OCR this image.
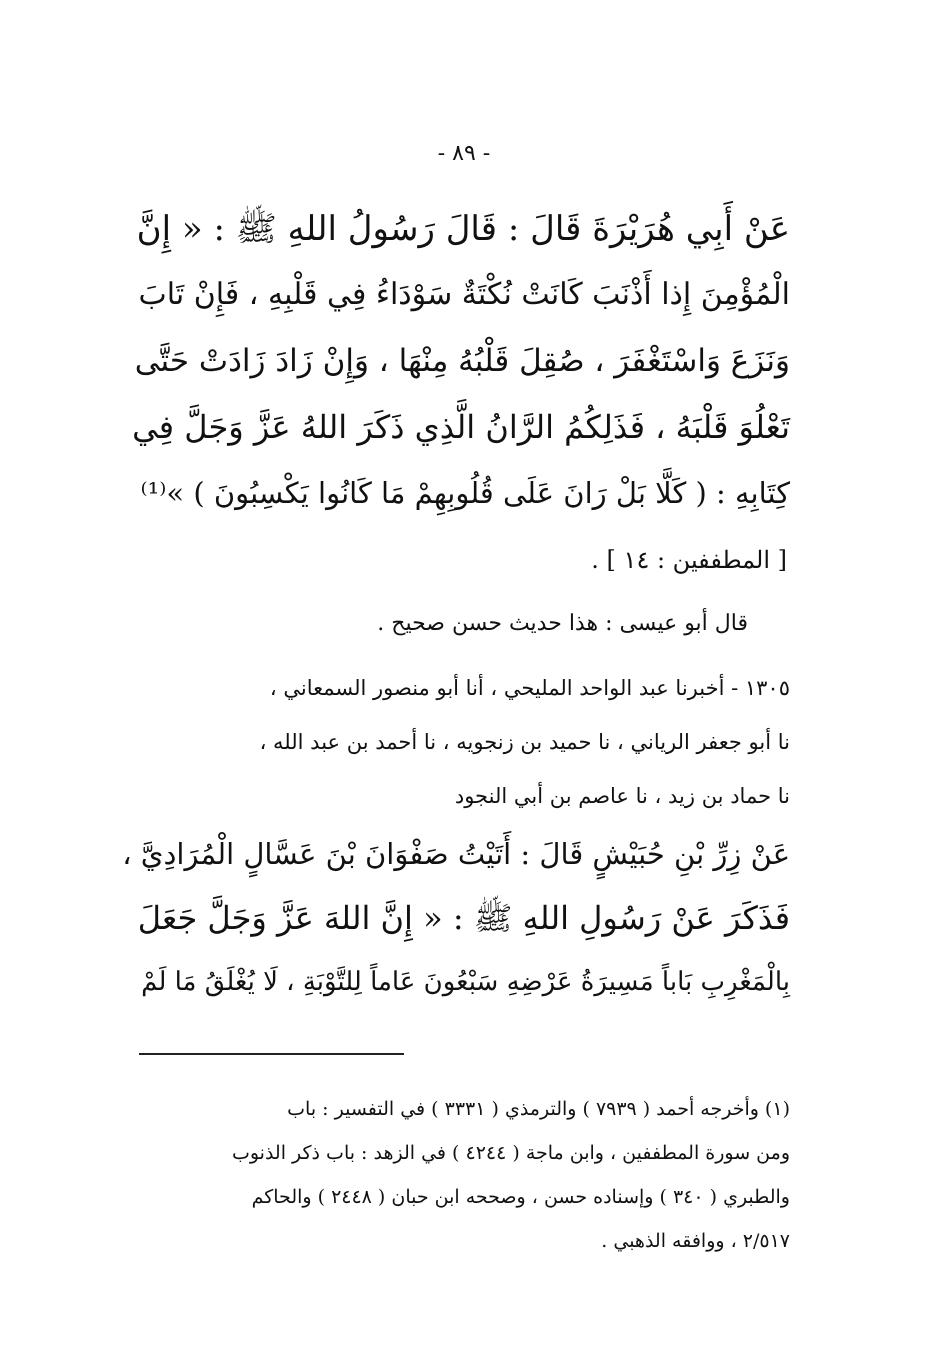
- ٨٩ -
عَنْ أَبِي هُرَيْرَةَ قَالَ : قَالَ رَسُولُ اللهِ ﷺ : « إِنَّ
الْمُؤْمِنَ إِذا أَذْنَبَ كَانَتْ نُكْتَةٌ سَوْدَاءُ فِي قَلْبِهِ ، فَإِنْ تَابَ
وَنَزَعَ وَاسْتَغْفَرَ ، صُقِلَ قَلْبُهُ مِنْهَا ، وَإِنْ زَادَ زَادَتْ حَتَّى
تَعْلُوَ قَلْبَهُ ، فَذَلِكُمُ الرَّانُ الَّذِي ذَكَرَ اللهُ عَزَّ وَجَلَّ فِي
كِتَابِهِ : ( كَلَّا بَلْ رَانَ عَلَى قُلُوبِهِمْ مَا كَانُوا يَكْسِبُونَ ) »⁽¹⁾
[ المطففين : ١٤ ] .
قال أبو عيسى : هذا حديث حسن صحيح .
١٣٠٥ - أخبرنا عبد الواحد المليحي ، أنا أبو منصور السمعاني ،
نا أبو جعفر الرياني ، نا حميد بن زنجويه ، نا أحمد بن عبد الله ،
نا حماد بن زيد ، نا عاصم بن أبي النجود
عَنْ زِرِّ بْنِ حُبَيْشٍ قَالَ : أَتَيْتُ صَفْوَانَ بْنَ عَسَّالٍ الْمُرَادِيَّ ،
فَذَكَرَ عَنْ رَسُولِ اللهِ ﷺ : « إِنَّ اللهَ عَزَّ وَجَلَّ جَعَلَ
بِالْمَغْرِبِ بَاباً مَسِيرَةُ عَرْضِهِ سَبْعُونَ عَاماً لِلتَّوْبَةِ ، لَا يُغْلَقُ مَا لَمْ
(١) وأخرجه أحمد ( ٧٩٣٩ ) والترمذي ( ٣٣٣١ ) في التفسير : باب
ومن سورة المطففين ، وابن ماجة ( ٤٢٤٤ ) في الزهد : باب ذكر الذنوب
والطبري ( ٣٤٠ ) وإسناده حسن ، وصححه ابن حبان ( ٢٤٤٨ ) والحاكم
٢/٥١٧ ، ووافقه الذهبي .
